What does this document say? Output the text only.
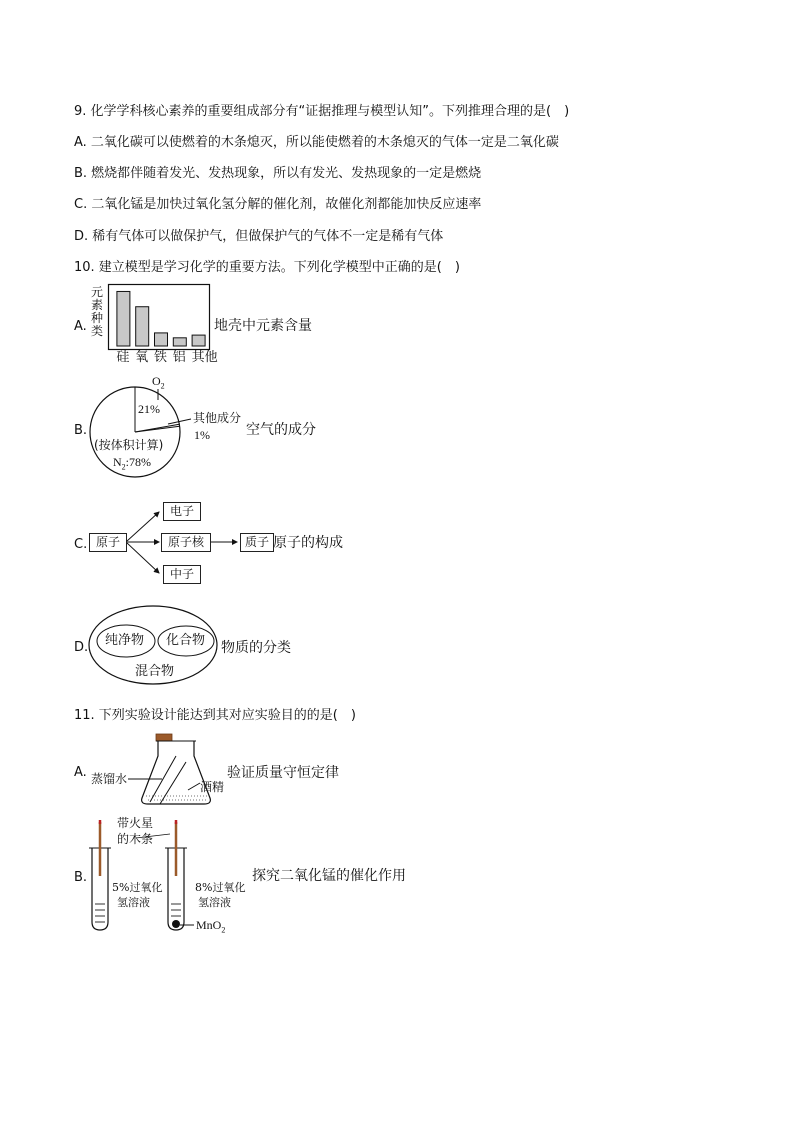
9. 化学学科核心素养的重要组成部分有“证据推理与模型认知”。下列推理合理的是(　)
A. 二氧化碳可以使燃着的木条熄灭，所以能使燃着的木条熄灭的气体一定是二氧化碳
B. 燃烧都伴随着发光、发热现象，所以有发光、发热现象的一定是燃烧
C. 二氧化锰是加快过氧化氢分解的催化剂，故催化剂都能加快反应速率
D. 稀有气体可以做保护气，但做保护气的气体不一定是稀有气体
10. 建立模型是学习化学的重要方法。下列化学模型中正确的是(　)
A.
元
素
种
类
硅 氧 铁 铝 其他
地壳中元素含量
B.
$O_2$
21%
其他成分
1%
(按体积计算)
$N_2:78\%$
空气的成分
C. 原子
电子
原子核	质子
中子
原子的构成
D. 纯净物 化合物
混合物
物质的分类
11. 下列实验设计能达到其对应实验目的的是(　)
A. 蒸馏水
酒精
验证质量守恒定律
B.
带火星
的木条
5%过氧化
氢溶液
8%过氧化
氢溶液
MnO$_2$
探究二氧化锰的催化作用
